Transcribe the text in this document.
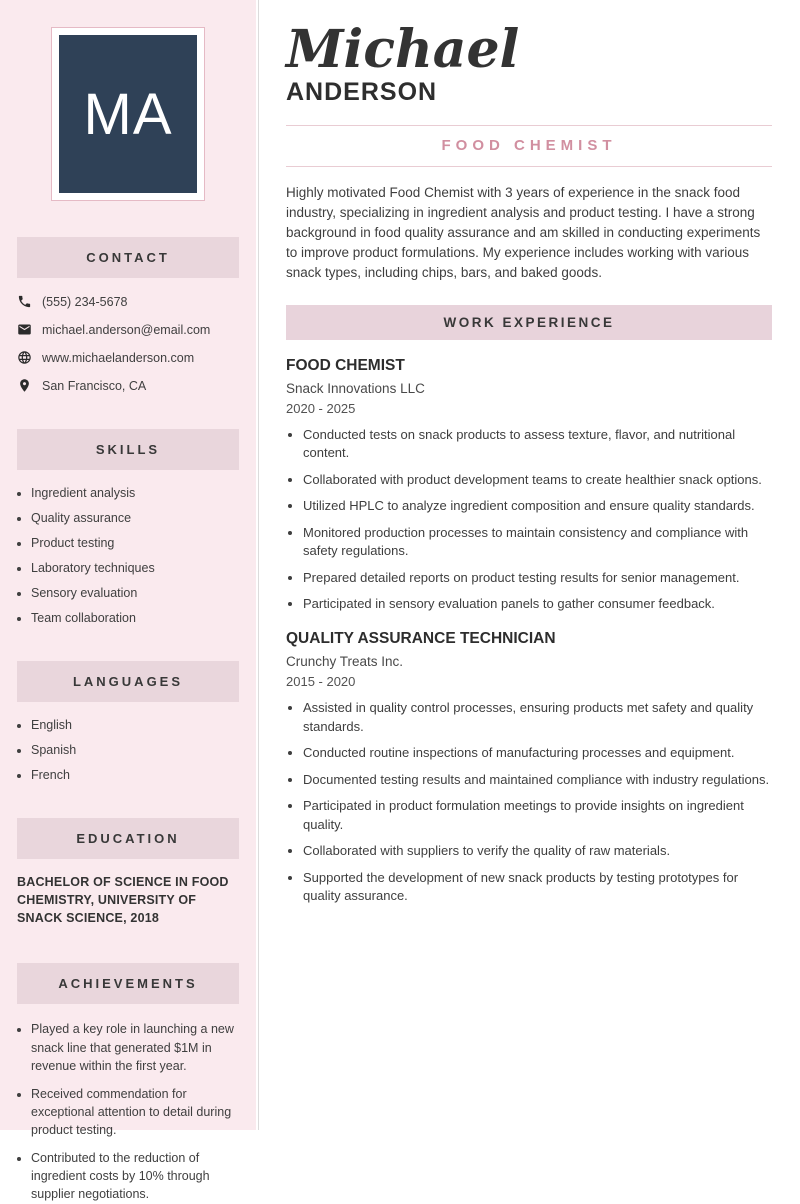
MA
CONTACT
(555) 234-5678
michael.anderson@email.com
www.michaelanderson.com
San Francisco, CA
SKILLS
• Ingredient analysis
• Quality assurance
• Product testing
• Laboratory techniques
• Sensory evaluation
• Team collaboration
LANGUAGES
• English
• Spanish
• French
EDUCATION
BACHELOR OF SCIENCE IN FOOD CHEMISTRY, UNIVERSITY OF SNACK SCIENCE, 2018
ACHIEVEMENTS
• Played a key role in launching a new snack line that generated $1M in revenue within the first year.
• Received commendation for exceptional attention to detail during product testing.
• Contributed to the reduction of ingredient costs by 10% through supplier negotiations.
Michael
ANDERSON
FOOD CHEMIST

Highly motivated Food Chemist with 3 years of experience in the snack food industry, specializing in ingredient analysis and product testing. I have a strong background in food quality assurance and am skilled in conducting experiments to improve product formulations. My experience includes working with various snack types, including chips, bars, and baked goods.

WORK EXPERIENCE
FOOD CHEMIST
Snack Innovations LLC
2020 - 2025
• Conducted tests on snack products to assess texture, flavor, and nutritional content.
• Collaborated with product development teams to create healthier snack options.
• Utilized HPLC to analyze ingredient composition and ensure quality standards.
• Monitored production processes to maintain consistency and compliance with safety regulations.
• Prepared detailed reports on product testing results for senior management.
• Participated in sensory evaluation panels to gather consumer feedback.
QUALITY ASSURANCE TECHNICIAN
Crunchy Treats Inc.
2015 - 2020
• Assisted in quality control processes, ensuring products met safety and quality standards.
• Conducted routine inspections of manufacturing processes and equipment.
• Documented testing results and maintained compliance with industry regulations.
• Participated in product formulation meetings to provide insights on ingredient quality.
• Collaborated with suppliers to verify the quality of raw materials.
• Supported the development of new snack products by testing prototypes for quality assurance.
